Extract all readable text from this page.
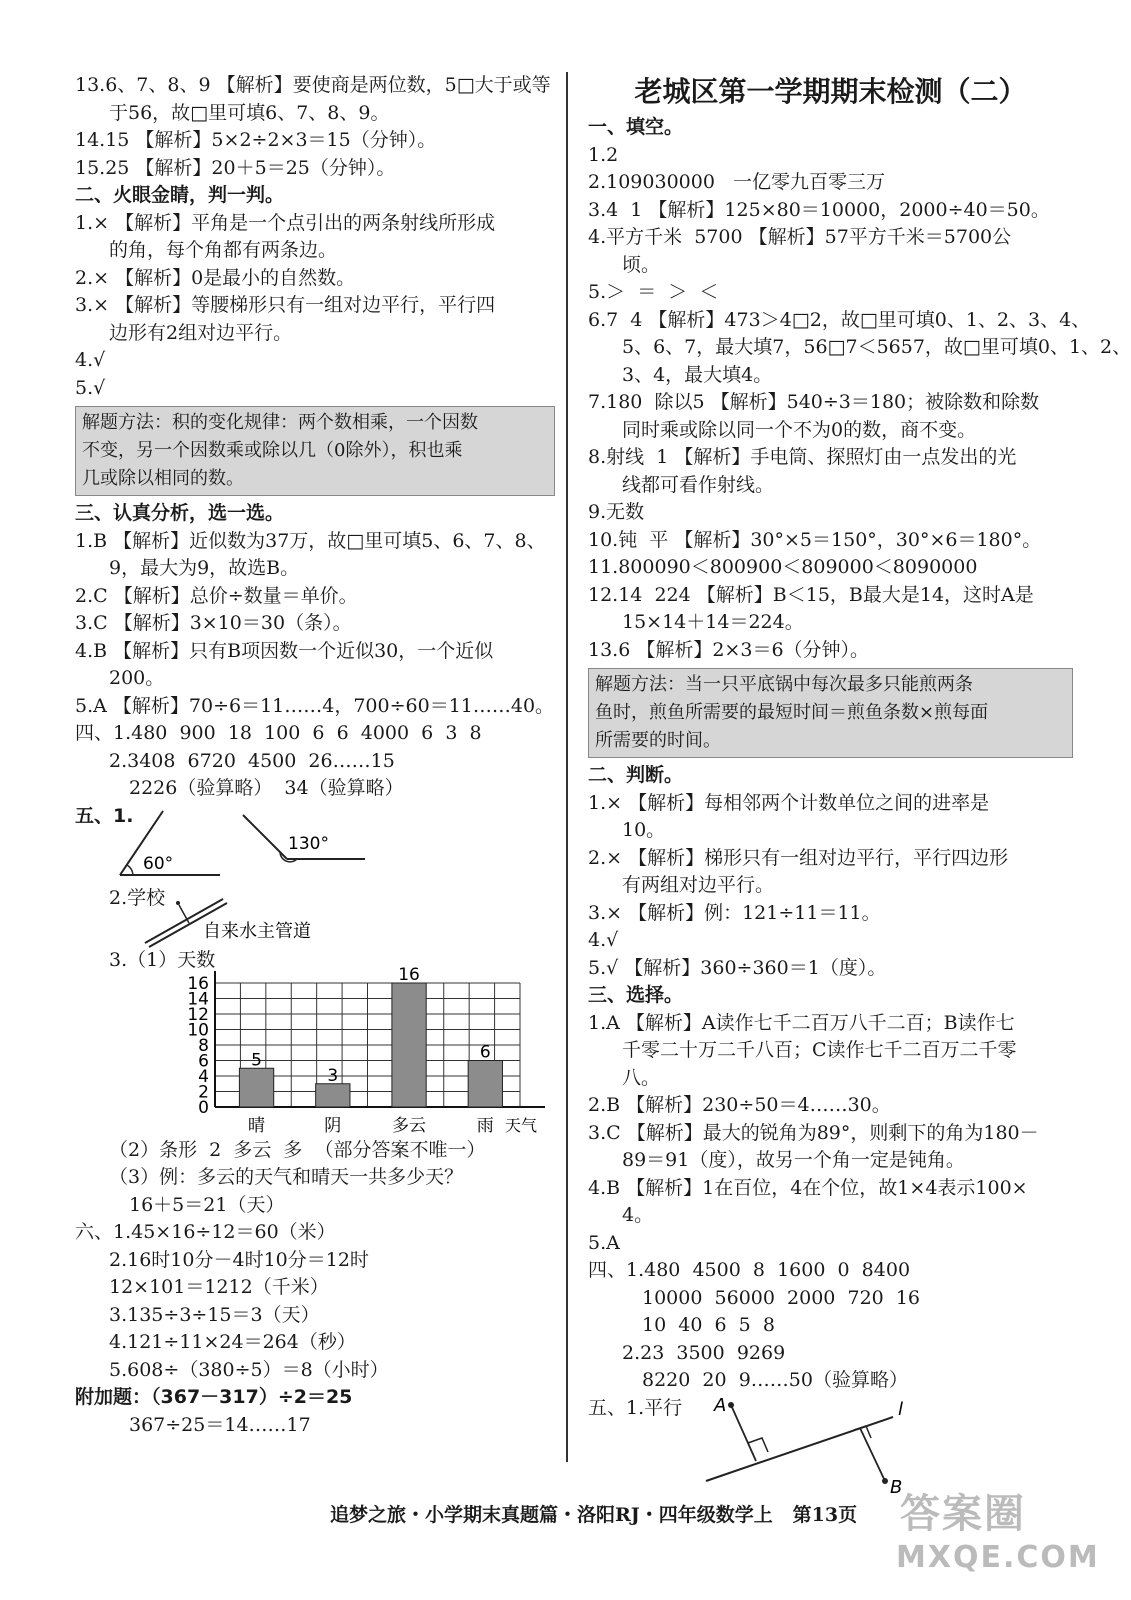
13.6、7、8、9 【解析】要使商是两位数，5□大于或等
于56，故□里可填6、7、8、9。
14.15 【解析】5×2÷2×3＝15（分钟）。
15.25 【解析】20＋5＝25（分钟）。
二、火眼金睛，判一判。
1.× 【解析】平角是一个点引出的两条射线所形成
的角，每个角都有两条边。
2.× 【解析】0是最小的自然数。
3.× 【解析】等腰梯形只有一组对边平行，平行四
边形有2组对边平行。
4.√
5.√
解题方法：积的变化规律：两个数相乘，一个因数
不变，另一个因数乘或除以几（0除外），积也乘
几或除以相同的数。
三、认真分析，选一选。
1.B 【解析】近似数为37万，故□里可填5、6、7、8、
9，最大为9，故选B。
2.C 【解析】总价÷数量＝单价。
3.C 【解析】3×10＝30（条）。
4.B 【解析】只有B项因数一个近似30，一个近似
200。
5.A 【解析】70÷6＝11……4，700÷60＝11……40。
四、1.480  900  18  100  6  6  4000  6  3  8
2.3408  6720  4500  26……15
2226（验算略）  34（验算略）
五、1.
60°
130°
2.学校
自来水主管道
3.（1）天数
天气
0
2
4
6
8
10
12
14
16
5
晴
3
阴
16
多云
6
雨
（2）条形  2  多云  多  （部分答案不唯一）
（3）例：多云的天气和晴天一共多少天？
16＋5＝21（天）
六、1.45×16÷12＝60（米）
2.16时10分－4时10分＝12时
12×101＝1212（千米）
3.135÷3÷15＝3（天）
4.121÷11×24＝264（秒）
5.608÷（380÷5）＝8（小时）
附加题：（367－317）÷2＝25
367÷25＝14……17
老城区第一学期期末检测（二）
一、填空。
1.2
2.109030000   一亿零九百零三万
3.4  1 【解析】125×80＝10000，2000÷40＝50。
4.平方千米  5700 【解析】57平方千米＝5700公
顷。
5.＞  ＝  ＞  ＜
6.7  4 【解析】473＞4□2，故□里可填0、1、2、3、4、
5、6、7，最大填7，56□7＜5657，故□里可填0、1、2、
3、4，最大填4。
7.180  除以5 【解析】540÷3＝180；被除数和除数
同时乘或除以同一个不为0的数，商不变。
8.射线  1 【解析】手电筒、探照灯由一点发出的光
线都可看作射线。
9.无数
10.钝  平 【解析】30°×5＝150°，30°×6＝180°。
11.800090＜800900＜809000＜8090000
12.14  224 【解析】B＜15，B最大是14，这时A是
15×14＋14＝224。
13.6 【解析】2×3＝6（分钟）。
解题方法：当一只平底锅中每次最多只能煎两条
鱼时，煎鱼所需要的最短时间＝煎鱼条数×煎每面
所需要的时间。
二、判断。
1.× 【解析】每相邻两个计数单位之间的进率是
10。
2.× 【解析】梯形只有一组对边平行，平行四边形
有两组对边平行。
3.× 【解析】例：121÷11＝11。
4.√
5.√ 【解析】360÷360＝1（度）。
三、选择。
1.A 【解析】A读作七千二百万八千二百；B读作七
千零二十万二千八百；C读作七千二百万二千零
八。
2.B 【解析】230÷50＝4……30。
3.C 【解析】最大的锐角为89°，则剩下的角为180－
89＝91（度），故另一个角一定是钝角。
4.B 【解析】1在百位，4在个位，故1×4表示100×
4。
5.A
四、1.480  4500  8  1600  0  8400
10000  56000  2000  720  16
10  40  6  5  8
2.23  3500  9269
8220  20  9……50（验算略）
五、1.平行 A
B
l
追梦之旅・小学期末真题篇・洛阳RJ・四年级数学上   第13页 答案圈
MXQE.COM
